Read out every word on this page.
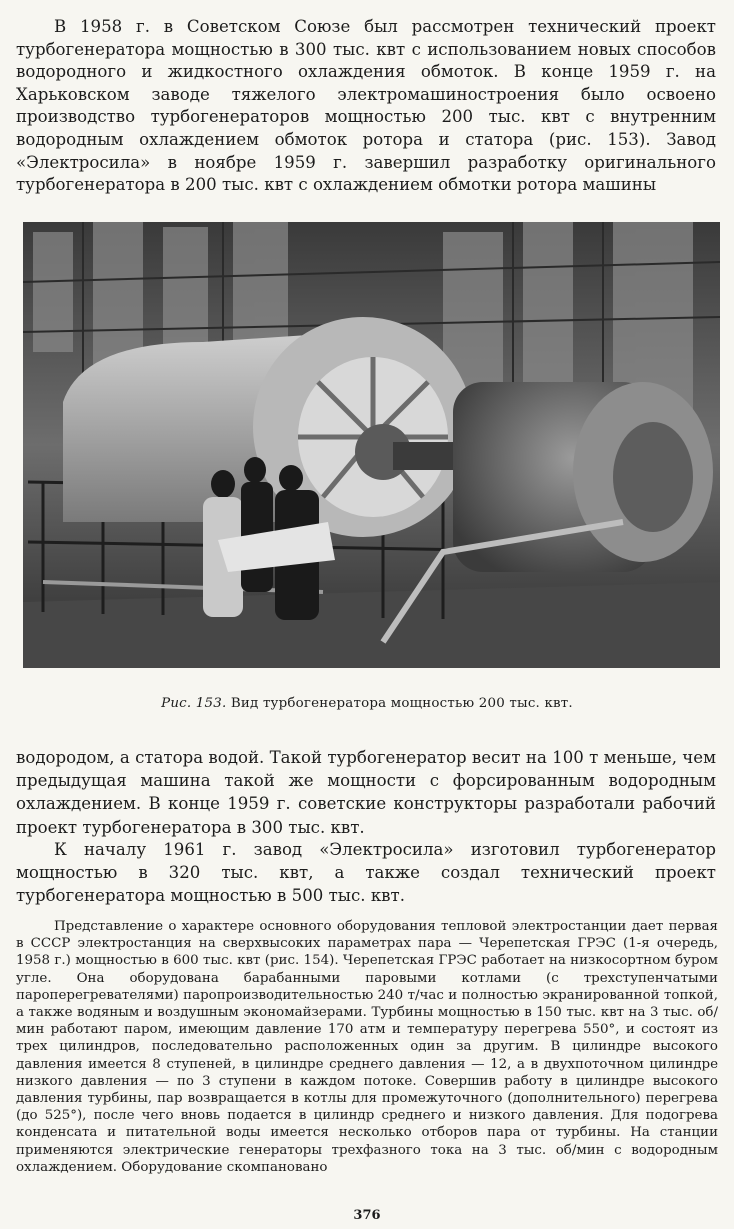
В 1958 г. в Советском Союзе был рассмотрен технический проект турбогенератора мощностью в 300 тыс. квт с использованием новых способов водородного и жидкостного охлаждения обмоток. В конце 1959 г. на Харьковском заводе тяжелого электромашиностроения было освоено производство турбогенераторов мощностью 200 тыс. квт с внутренним водородным охлаждением обмоток ротора и статора (рис. 153). Завод «Электросила» в ноябре 1959 г. завершил разработку оригинального турбогенератора в 200 тыс. квт с охлаждением обмотки ротора машины

Рис. 153. Вид турбогенератора мощностью 200 тыс. квт.

водородом, а статора водой. Такой турбогенератор весит на 100 т меньше, чем предыдущая машина такой же мощности с форсированным водородным охлаждением. В конце 1959 г. советские конструкторы разработали рабочий проект турбогенератора в 300 тыс. квт.

К началу 1961 г. завод «Электросила» изготовил турбогенератор мощностью в 320 тыс. квт, а также создал технический проект турбогенератора мощностью в 500 тыс. квт.

Представление о характере основного оборудования тепловой электростанции дает первая в СССР электростанция на сверхвысоких параметрах пара — Черепетская ГРЭС (1-я очередь, 1958 г.) мощностью в 600 тыс. квт (рис. 154). Черепетская ГРЭС работает на низкосортном буром угле. Она оборудована барабанными паровыми котлами (с трехступенчатыми пароперегревателями) паропроизводительностью 240 т/час и полностью экранированной топкой, а также водяным и воздушным экономайзерами. Турбины мощностью в 150 тыс. квт на 3 тыс. об/мин работают паром, имеющим давление 170 атм и температуру перегрева 550°, и состоят из трех цилиндров, последовательно расположенных один за другим. В цилиндре высокого давления имеется 8 ступеней, в цилиндре среднего давления — 12, а в двухпоточном цилиндре низкого давления — по 3 ступени в каждом потоке. Совершив работу в цилиндре высокого давления турбины, пар возвращается в котлы для промежуточного (дополнительного) перегрева (до 525°), после чего вновь подается в цилиндр среднего и низкого давления. Для подогрева конденсата и питательной воды имеется несколько отборов пара от турбины. На станции применяются электрические генераторы трехфазного тока на 3 тыс. об/мин с водородным охлаждением. Оборудование скомпановано

376
